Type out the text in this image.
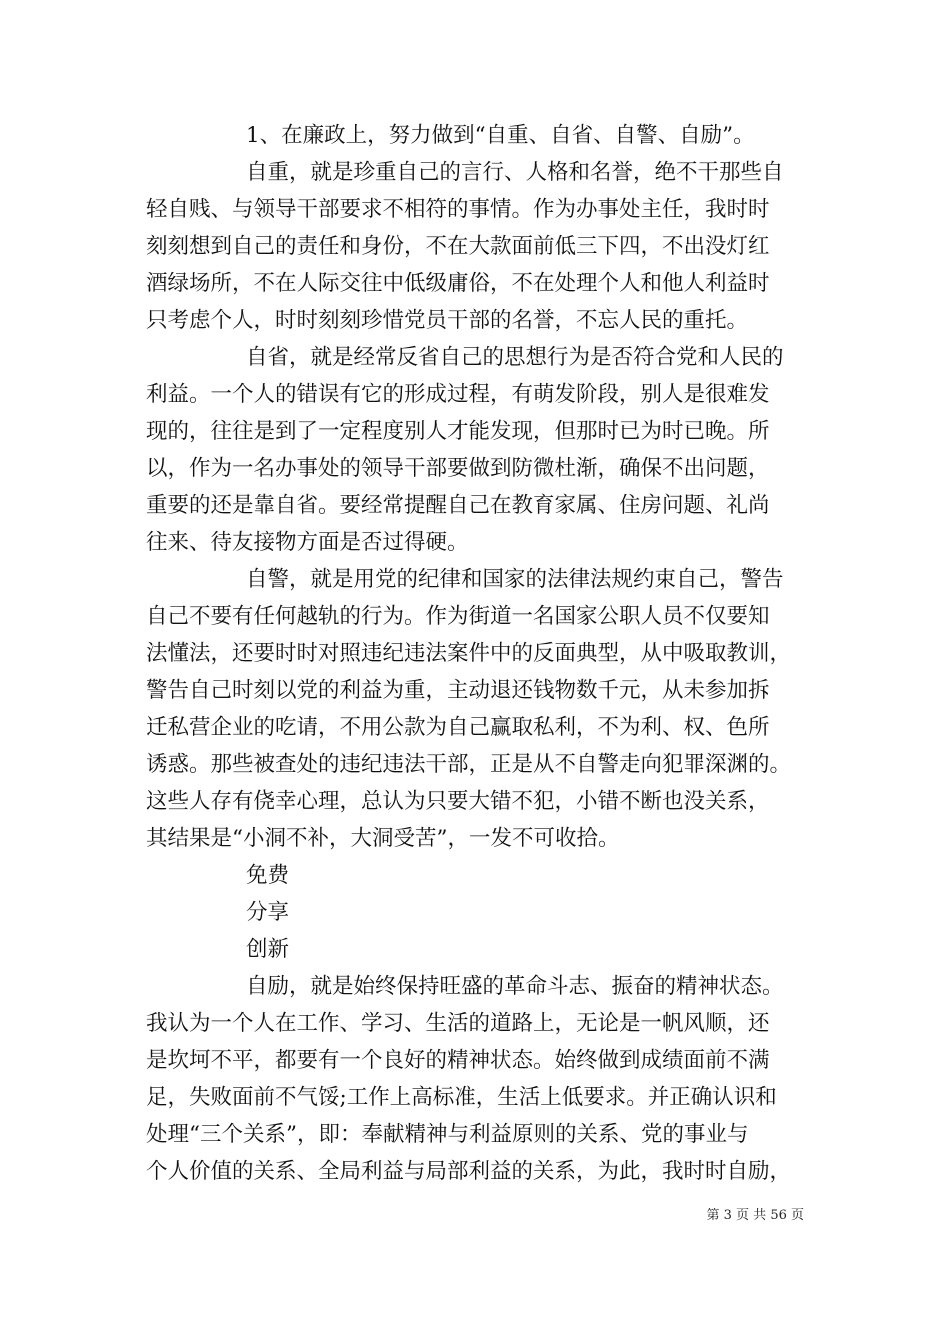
1、在廉政上，努力做到“自重、自省、自警、自励”。
自重，就是珍重自己的言行、人格和名誉，绝不干那些自
轻自贱、与领导干部要求不相符的事情。作为办事处主任，我时时
刻刻想到自己的责任和身份，不在大款面前低三下四，不出没灯红
酒绿场所，不在人际交往中低级庸俗，不在处理个人和他人利益时
只考虑个人，时时刻刻珍惜党员干部的名誉，不忘人民的重托。
自省，就是经常反省自己的思想行为是否符合党和人民的
利益。一个人的错误有它的形成过程，有萌发阶段，别人是很难发
现的，往往是到了一定程度别人才能发现，但那时已为时已晚。所
以，作为一名办事处的领导干部要做到防微杜渐，确保不出问题，
重要的还是靠自省。要经常提醒自己在教育家属、住房问题、礼尚
往来、待友接物方面是否过得硬。
自警，就是用党的纪律和国家的法律法规约束自己，警告
自己不要有任何越轨的行为。作为街道一名国家公职人员不仅要知
法懂法，还要时时对照违纪违法案件中的反面典型，从中吸取教训，
警告自己时刻以党的利益为重，主动退还钱物数千元，从未参加拆
迁私营企业的吃请，不用公款为自己赢取私利，不为利、权、色所
诱惑。那些被查处的违纪违法干部，正是从不自警走向犯罪深渊的。
这些人存有侥幸心理，总认为只要大错不犯，小错不断也没关系，
其结果是“小洞不补，大洞受苦”，一发不可收拾。
免费
分享
创新
自励，就是始终保持旺盛的革命斗志、振奋的精神状态。
我认为一个人在工作、学习、生活的道路上，无论是一帆风顺，还
是坎坷不平，都要有一个良好的精神状态。始终做到成绩面前不满
足，失败面前不气馁;工作上高标准，生活上低要求。并正确认识和
处理“三个关系”，即：奉献精神与利益原则的关系、党的事业与
个人价值的关系、全局利益与局部利益的关系，为此，我时时自励，
第 3 页 共 56 页
